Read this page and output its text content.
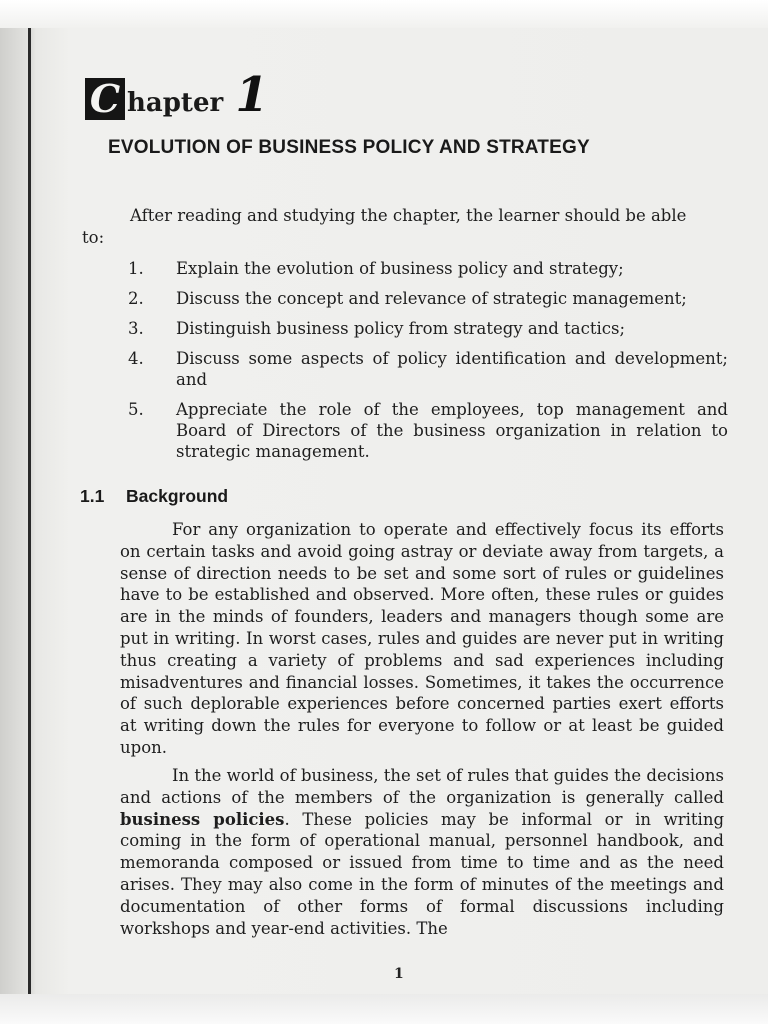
C hapter 1
EVOLUTION OF BUSINESS POLICY AND STRATEGY
After reading and studying the chapter, the learner should be able
to:
1.	Explain the evolution of business policy and strategy;
2.	Discuss the concept and relevance of strategic management;
3.	Distinguish business policy from strategy and tactics;
4.	Discuss some aspects of policy identification and development; and
5.	Appreciate the role of the employees, top management and Board of Directors of the business organization in relation to strategic management.
1.1	Background

For any organization to operate and effectively focus its efforts on certain tasks and avoid going astray or deviate away from targets, a sense of direction needs to be set and some sort of rules or guidelines have to be established and observed. More often, these rules or guides are in the minds of founders, leaders and managers though some are put in writing. In worst cases, rules and guides are never put in writing thus creating a variety of problems and sad experiences including misadventures and financial losses. Sometimes, it takes the occurrence of such deplorable experiences before concerned parties exert efforts at writing down the rules for everyone to follow or at least be guided upon.

In the world of business, the set of rules that guides the decisions and actions of the members of the organization is generally called business policies. These policies may be informal or in writing coming in the form of operational manual, personnel handbook, and memoranda composed or issued from time to time and as the need arises. They may also come in the form of minutes of the meetings and documentation of other forms of formal discussions including workshops and year-end activities. The

1
